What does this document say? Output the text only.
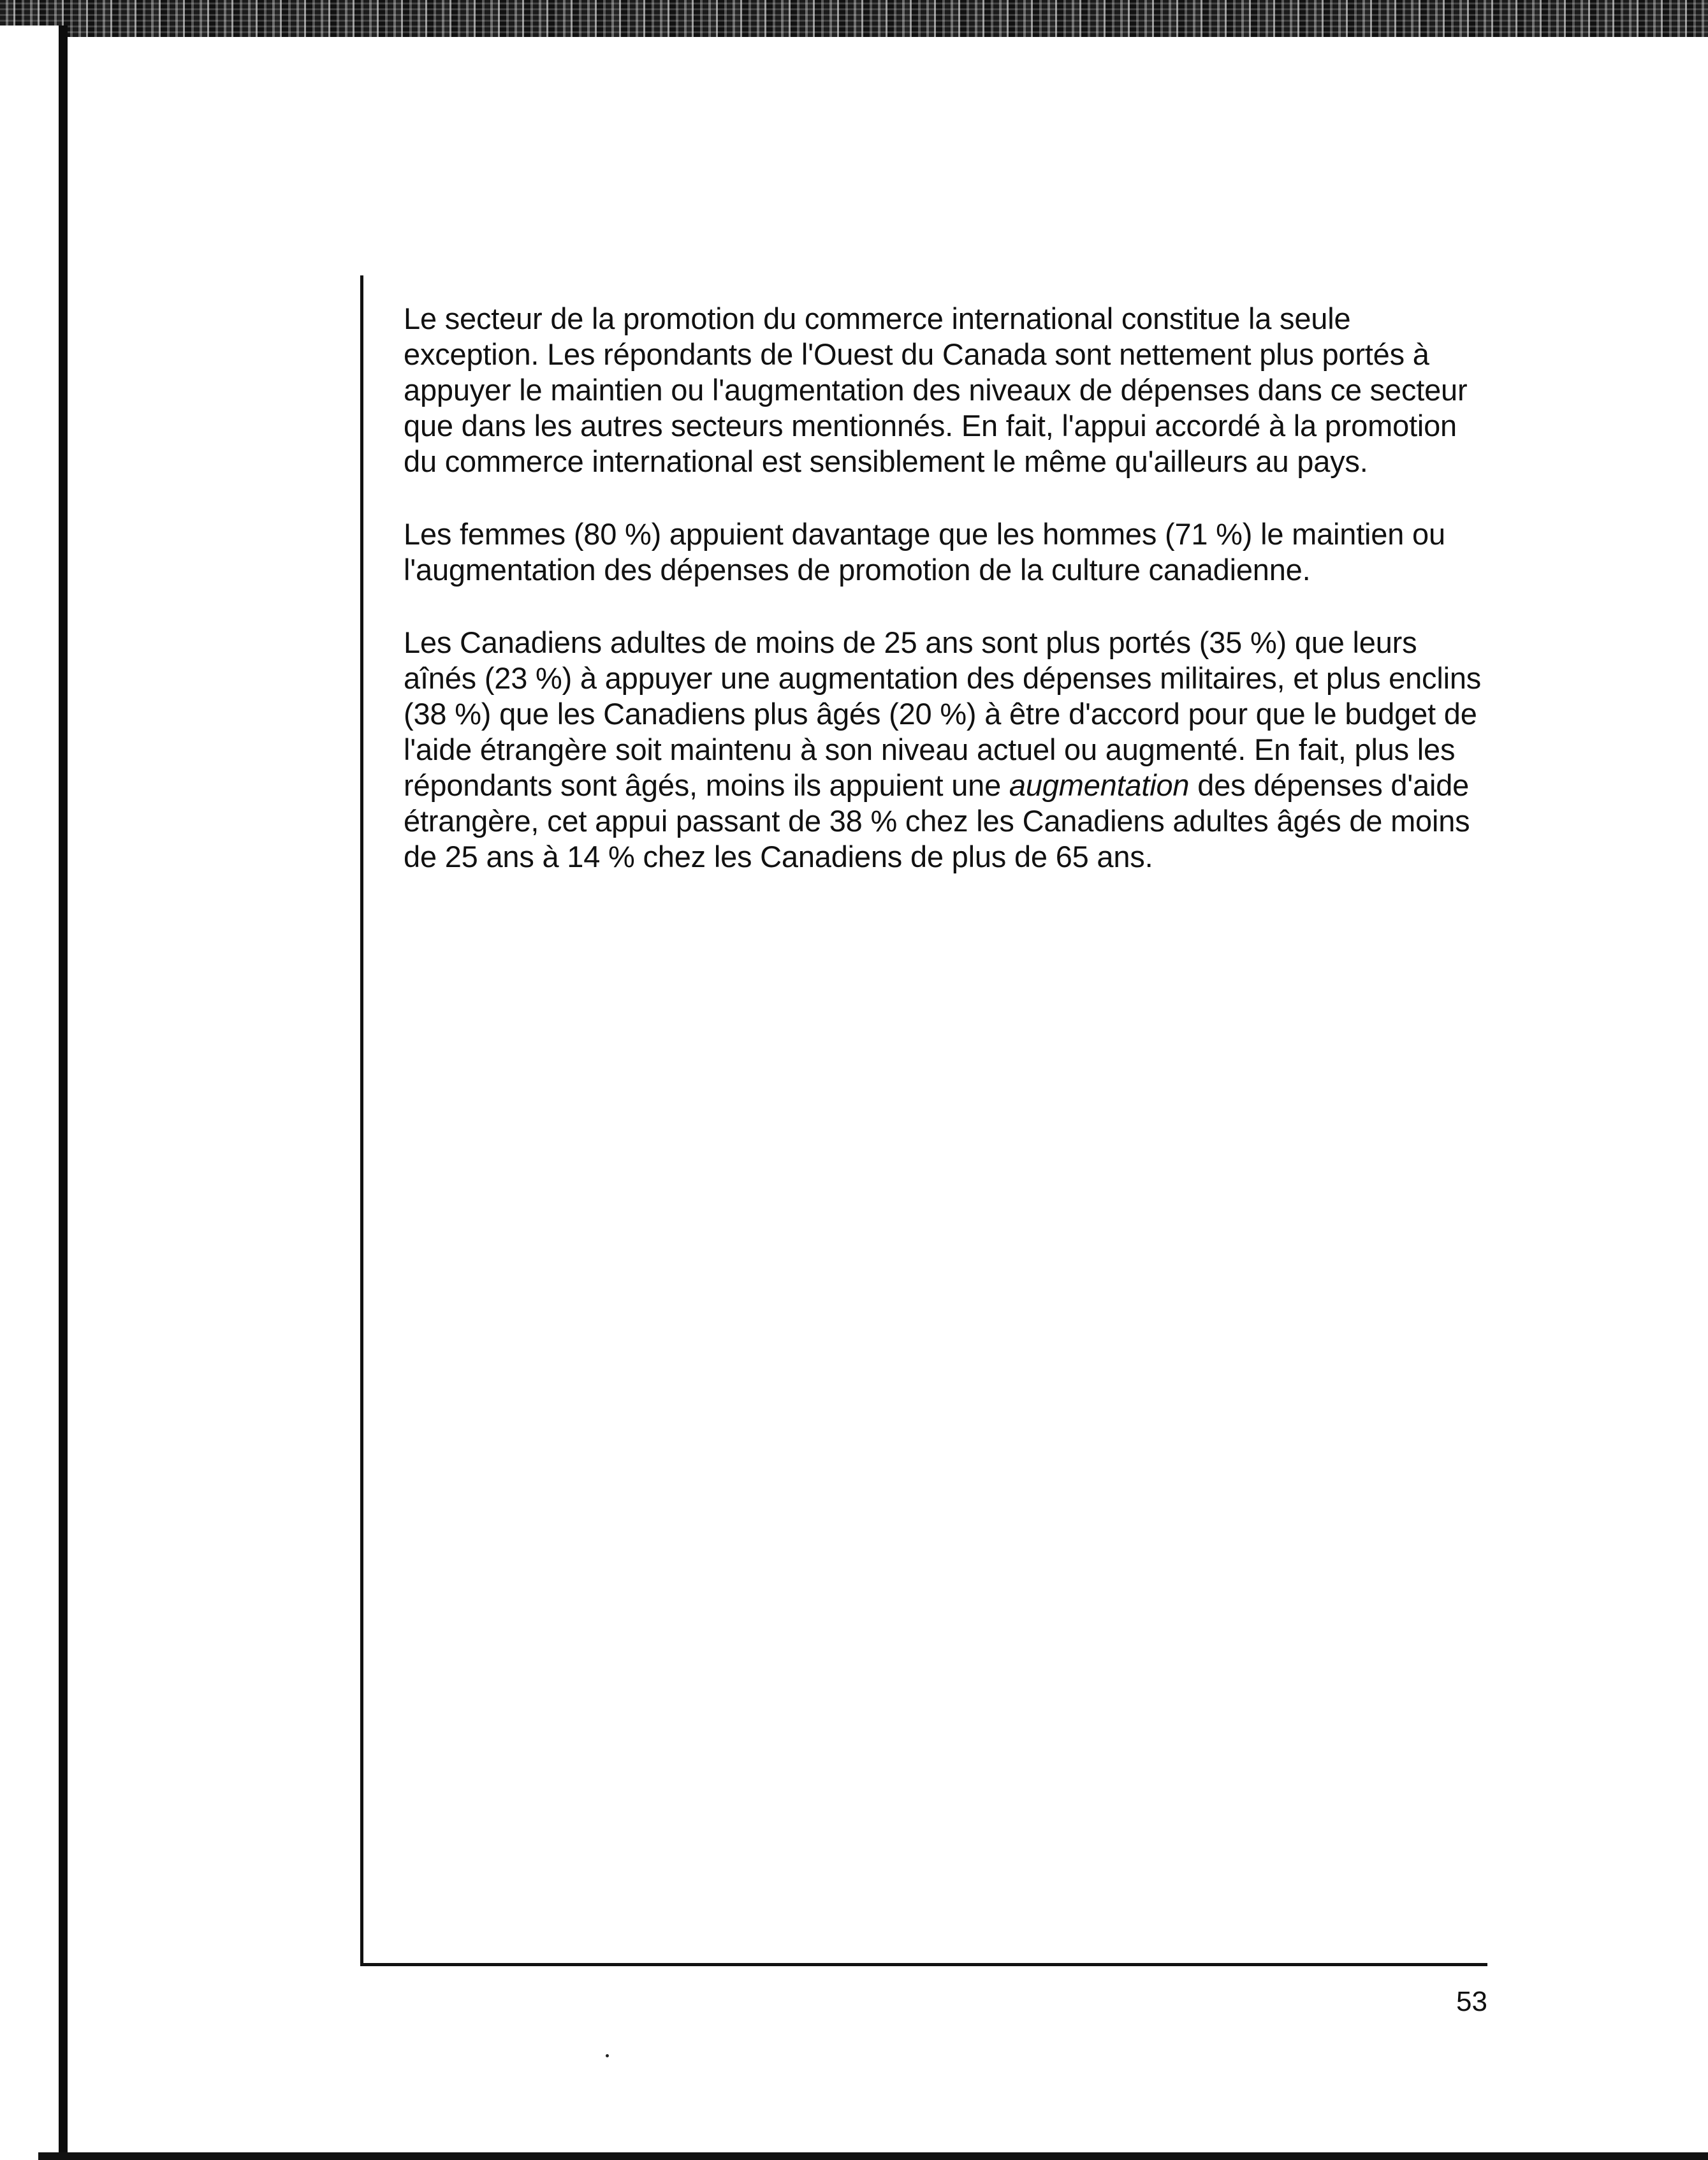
Le secteur de la promotion du commerce international constitue la seule exception. Les répondants de l'Ouest du Canada sont nettement plus portés à appuyer le maintien ou l'augmentation des niveaux de dépenses dans ce secteur que dans les autres secteurs mentionnés. En fait, l'appui accordé à la promotion du commerce international est sensiblement le même qu'ailleurs au pays.

Les femmes (80 %) appuient davantage que les hommes (71 %) le maintien ou l'augmentation des dépenses de promotion de la culture canadienne.

Les Canadiens adultes de moins de 25 ans sont plus portés (35 %) que leurs aînés (23 %) à appuyer une augmentation des dépenses militaires, et plus enclins (38 %) que les Canadiens plus âgés (20 %) à être d'accord pour que le budget de l'aide étrangère soit maintenu à son niveau actuel ou augmenté. En fait, plus les répondants sont âgés, moins ils appuient une augmentation des dépenses d'aide étrangère, cet appui passant de 38 % chez les Canadiens adultes âgés de moins de 25 ans à 14 % chez les Canadiens de plus de 65 ans.

53
